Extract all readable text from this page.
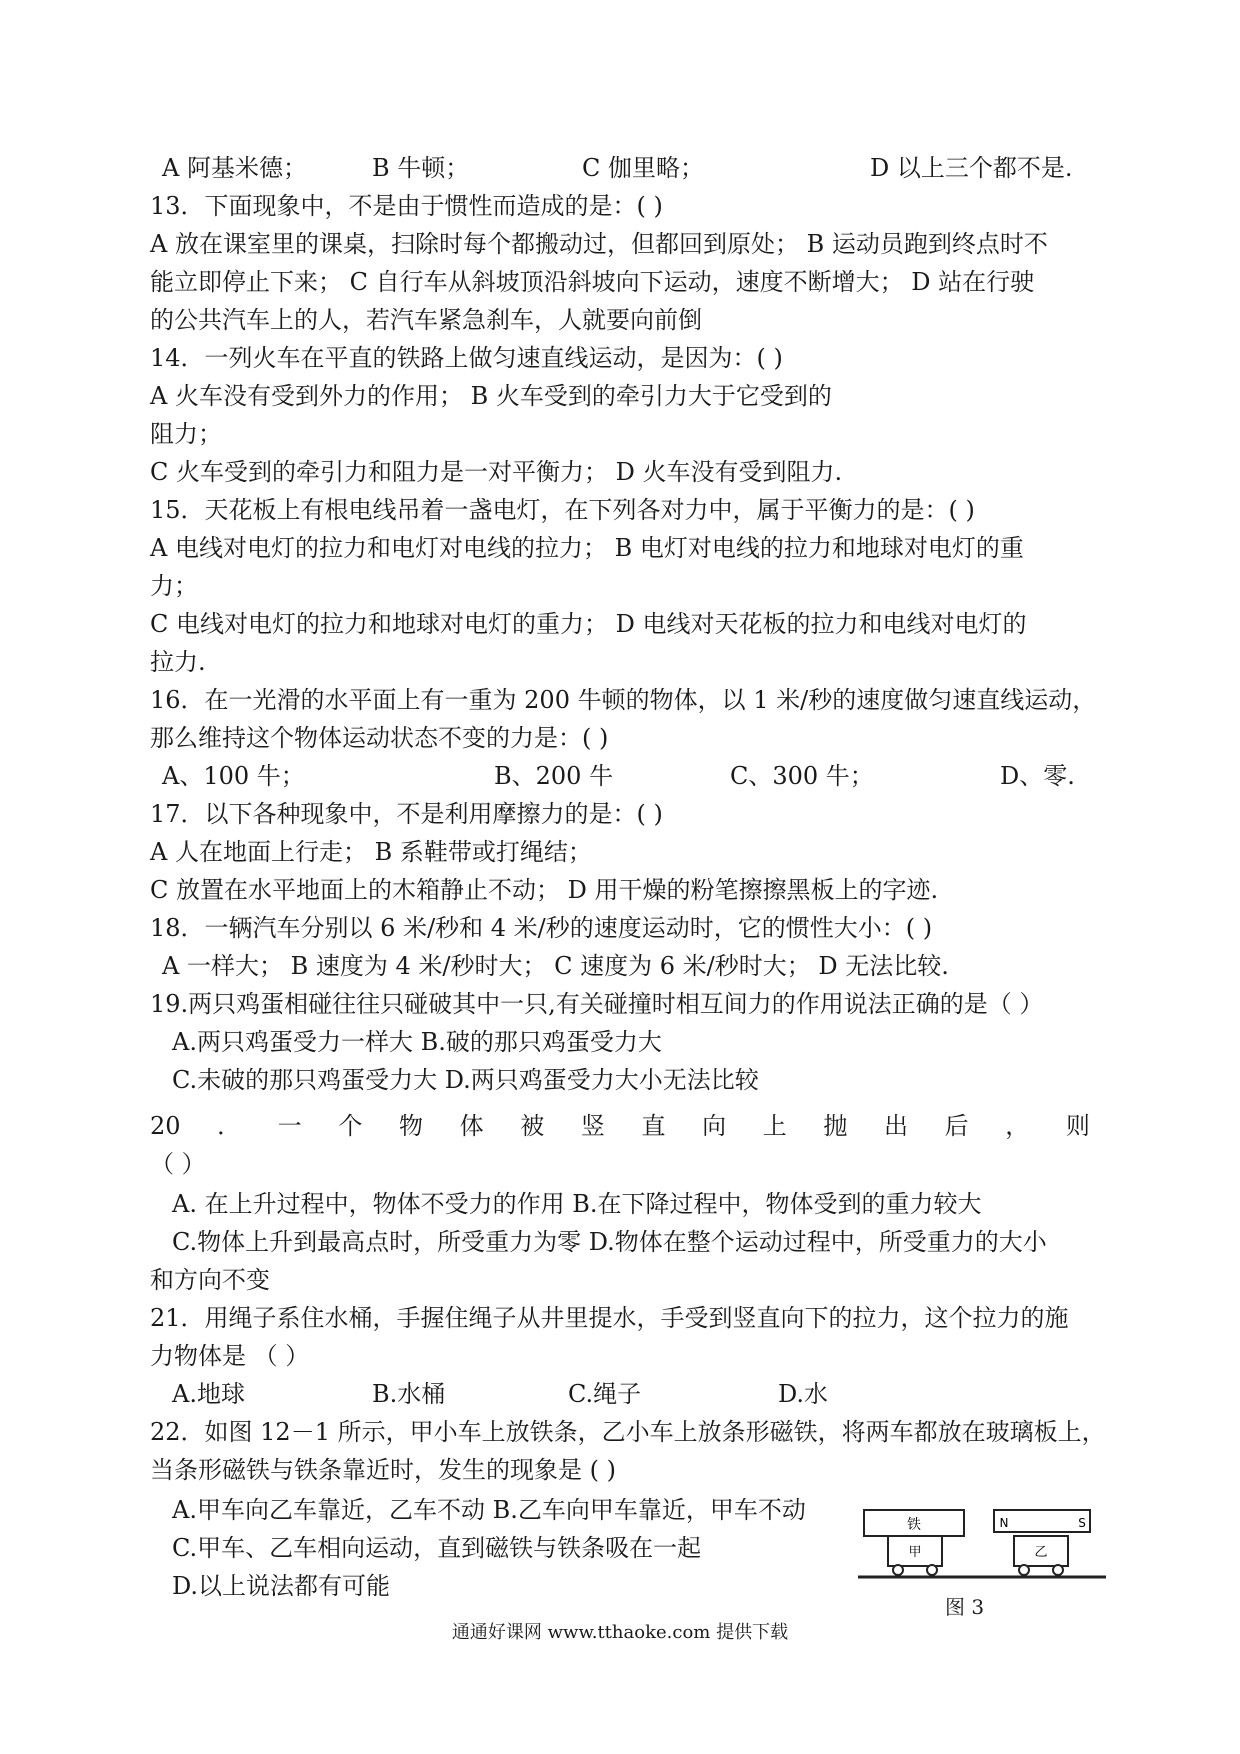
A 阿基米德；	B 牛顿；	C 伽里略；	D 以上三个都不是.
13．下面现象中，不是由于惯性而造成的是：( )
A 放在课室里的课桌，扫除时每个都搬动过，但都回到原处； B 运动员跑到终点时不
能立即停止下来； C 自行车从斜坡顶沿斜坡向下运动，速度不断增大； D 站在行驶
的公共汽车上的人，若汽车紧急刹车，人就要向前倒
14．一列火车在平直的铁路上做匀速直线运动，是因为：( )
A 火车没有受到外力的作用； B 火车受到的牵引力大于它受到的
阻力；
C 火车受到的牵引力和阻力是一对平衡力； D 火车没有受到阻力.
15．天花板上有根电线吊着一盏电灯，在下列各对力中，属于平衡力的是：( )
A 电线对电灯的拉力和电灯对电线的拉力； B 电灯对电线的拉力和地球对电灯的重
力；
C 电线对电灯的拉力和地球对电灯的重力； D 电线对天花板的拉力和电线对电灯的
拉力.
16．在一光滑的水平面上有一重为 200 牛顿的物体，以 1 米/秒的速度做匀速直线运动，
那么维持这个物体运动状态不变的力是：( )
A、100 牛；	B、200 牛	C、300 牛；	D、零.
17．以下各种现象中，不是利用摩擦力的是：( )
A 人在地面上行走； B 系鞋带或打绳结；
C 放置在水平地面上的木箱静止不动； D 用干燥的粉笔擦擦黑板上的字迹.
18．一辆汽车分别以 6 米/秒和 4 米/秒的速度运动时，它的惯性大小：( )
A 一样大； B 速度为 4 米/秒时大； C 速度为 6 米/秒时大； D 无法比较.
19.两只鸡蛋相碰往往只碰破其中一只,有关碰撞时相互间力的作用说法正确的是（ ）
A.两只鸡蛋受力一样大 B.破的那只鸡蛋受力大
C.未破的那只鸡蛋受力大 D.两只鸡蛋受力大小无法比较
20 ． 一 个 物 体 被 竖 直 向 上 抛 出 后 ， 则
（ ）
A. 在上升过程中，物体不受力的作用 B.在下降过程中，物体受到的重力较大
C.物体上升到最高点时，所受重力为零 D.物体在整个运动过程中，所受重力的大小
和方向不变
21．用绳子系住水桶，手握住绳子从井里提水，手受到竖直向下的拉力，这个拉力的施
力物体是 （ ）
A.地球	B.水桶	C.绳子	D.水
22．如图 12－1 所示，甲小车上放铁条，乙小车上放条形磁铁，将两车都放在玻璃板上，
当条形磁铁与铁条靠近时，发生的现象是 ( )
A.甲车向乙车靠近，乙车不动 B.乙车向甲车靠近，甲车不动
C.甲车、乙车相向运动，直到磁铁与铁条吸在一起
D.以上说法都有可能
铁
甲
N	S
乙
图 3
通通好课网 www.tthaoke.com 提供下载
